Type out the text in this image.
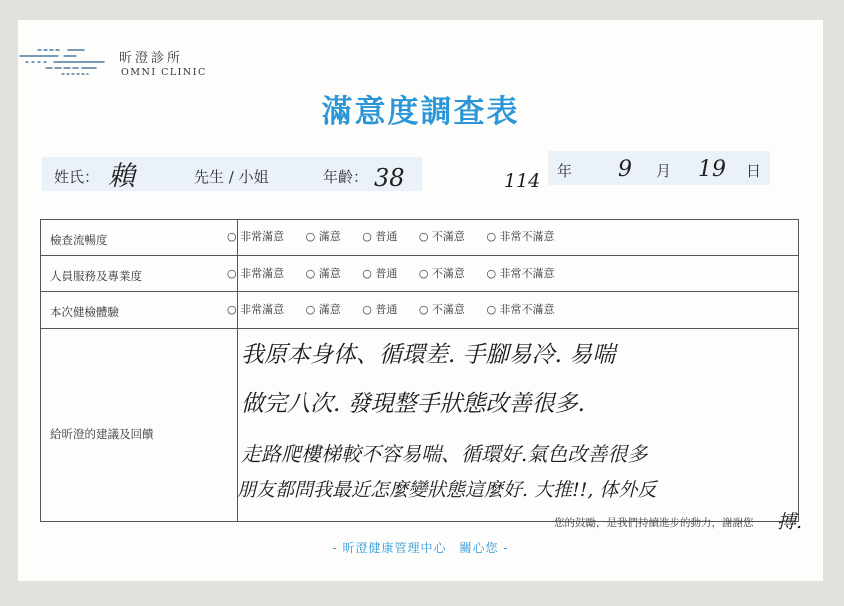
昕澄診所
OMNI CLINIC
滿意度調查表
姓氏： 賴	先生 / 小姐	年齡： 38	114 年 9 月 19 日
檢查流暢度	○ 非常滿意 ○ 滿意 ○ 普通 ○ 不滿意 ○ 非常不滿意
人員服務及專業度	○ 非常滿意 ○ 滿意 ○ 普通 ○ 不滿意 ○ 非常不滿意
本次健檢體驗	○ 非常滿意 ○ 滿意 ○ 普通 ○ 不滿意 ○ 非常不滿意
給昕澄的建議及回饋
我原本身体、循環差. 手腳易冷. 易喘
做完八次. 發現整手狀態改善很多.
走路爬樓梯較不容易喘、循環好.氣色改善很多
朋友都問我最近怎麼變狀態這麼好. 大推!!, 体外反
搏.
您的鼓勵，是我們持續進步的動力，謝謝您
- 昕澄健康管理中心　關心您 -
